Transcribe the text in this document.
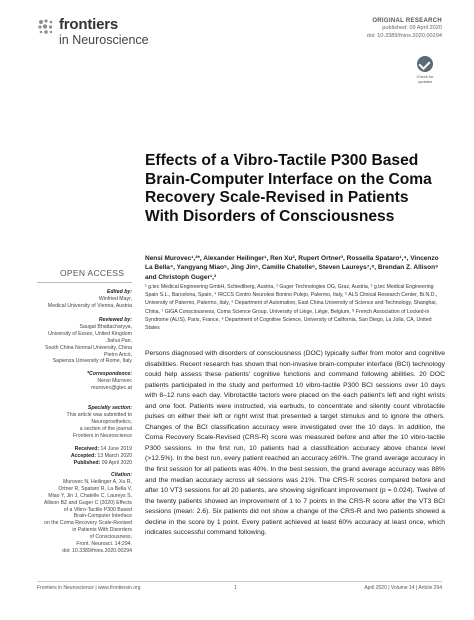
frontiers
in Neuroscience
ORIGINAL RESEARCH
published: 09 April 2020
doi: 10.3389/fnins.2020.00294
Check for updates
Effects of a Vibro-Tactile P300 Based Brain-Computer Interface on the Coma Recovery Scale-Revised in Patients With Disorders of Consciousness
Nensi Murovec¹,²*, Alexander Heilinger¹, Ren Xu², Rupert Ortner³, Rossella Spataro¹,⁴, Vincenzo La Bella⁴, Yangyang Miao⁵, Jing Jin⁵, Camille Chatelle⁶, Steven Laureys⁷,⁸, Brendan Z. Allison⁹ and Christoph Guger¹,²
¹ g.tec Medical Engineering GmbH, Schiedlberg, Austria, ² Guger Technologies OG, Graz, Austria, ³ g.tec Medical Engineering Spain S.L., Barcelona, Spain, ⁴ IRCCS Centro Neurolesi Bonino Pulejo, Palermo, Italy, ⁵ ALS Clinical Research Center, Bi.N.D., University of Palermo, Palermo, Italy, ⁶ Department of Automation, East China University of Science and Technology, Shanghai, China, ⁷ GIGA Consciousness, Coma Science Group, University of Liège, Liège, Belgium, ⁸ French Association of Locked-in Syndrome (ALIS), Paris, France, ⁹ Department of Cognitive Science, University of California, San Diego, La Jolla, CA, United States
OPEN ACCESS
Edited by:
Winfried Mayr,
Medical University of Vienna, Austria
Reviewed by:
Saugat Bhattacharyya,
University of Essex, United Kingdom
Jiahui Pan,
South China Normal University, China
Pietro Aricò,
Sapienza University of Rome, Italy
*Correspondence:
Nensi Murovec
murovec@gtec.at
Specialty section:
This article was submitted to
Neuroprosthetics,
a section of the journal
Frontiers in Neuroscience
Received: 14 June 2019
Accepted: 13 March 2020
Published: 09 April 2020
Citation:
Murovec N, Heilinger A, Xu R,
Ortner R, Spataro R, La Bella V,
Miao Y, Jin J, Chatelle C, Laureys S,
Allison BZ and Guger C (2020) Effects
of a Vibro-Tactile P300 Based
Brain-Computer Interface
on the Coma Recovery Scale-Revised
in Patients With Disorders
of Consciousness.
Front. Neurosci. 14:294.
doi: 10.3389/fnins.2020.00294
Persons diagnosed with disorders of consciousness (DOC) typically suffer from motor and cognitive disabilities. Recent research has shown that non-invasive brain-computer interface (BCI) technology could help assess these patients' cognitive functions and command following abilities. 20 DOC patients participated in the study and performed 10 vibro-tactile P300 BCI sessions over 10 days with 8–12 runs each day. Vibrotactile tactors were placed on the each patient's left and right wrists and one foot. Patients were instructed, via earbuds, to concentrate and silently count vibrotactile pulses on either their left or right wrist that presented a target stimulus and to ignore the others. Changes of the BCI classification accuracy were investigated over the 10 days. In addition, the Coma Recovery Scale-Revised (CRS-R) score was measured before and after the 10 vibro-tactile P300 sessions. In the first run, 10 patients had a classification accuracy above chance level (>12.5%). In the best run, every patient reached an accuracy ≥60%. The grand average accuracy in the first session for all patients was 40%. In the best session, the grand average accuracy was 88% and the median accuracy across all sessions was 21%. The CRS-R scores compared before and after 10 VT3 sessions for all 20 patients, are showing significant improvement (p = 0.024). Twelve of the twenty patients showed an improvement of 1 to 7 points in the CRS-R score after the VT3 BCI sessions (mean: 2.6). Six patients did not show a change of the CRS-R and two patients showed a decline in the score by 1 point. Every patient achieved at least 60% accuracy at least once, which indicates successful command following.
Frontiers in Neuroscience | www.frontiersin.org	1	April 2020 | Volume 14 | Article 294
